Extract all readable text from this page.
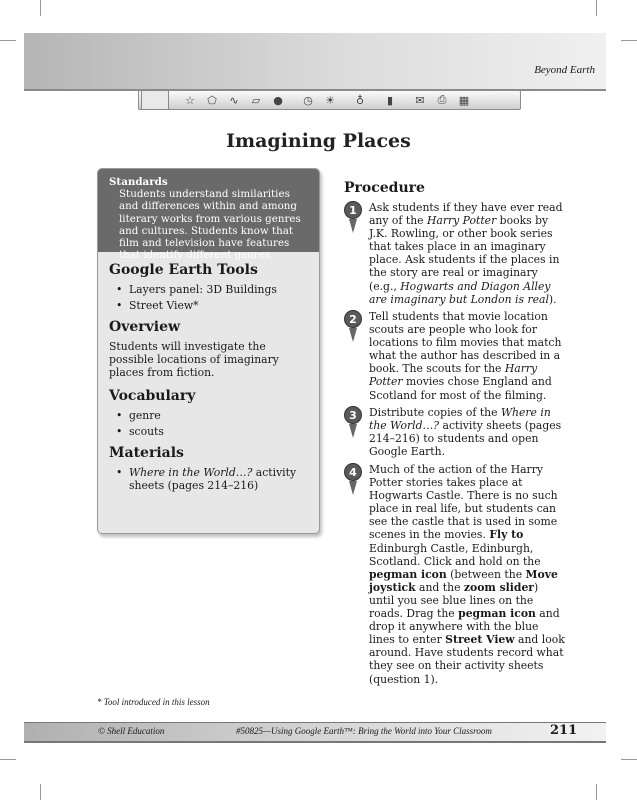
Beyond Earth
☆	⬠	∿	▱	●	◷	☀	♁	▮	✉	⎙	▦
Imagining Places
Standards
Students understand similarities and differences within and among literary works from various genres and cultures. Students know that film and television have features that identify different genres.
Google Earth Tools
• Layers panel: 3D Buildings
• Street View*
Overview

Students will investigate the possible locations of imaginary places from fiction.

Vocabulary
• genre
• scouts
Materials
• Where in the World…? activity sheets (pages 214–216)
Procedure
1	Ask students if they have ever read any of the Harry Potter books by J.K. Rowling, or other book series that takes place in an imaginary place. Ask students if the places in the story are real or imaginary (e.g., Hogwarts and Diagon Alley are imaginary but London is real).
2	Tell students that movie location scouts are people who look for locations to film movies that match what the author has described in a book. The scouts for the Harry Potter movies chose England and Scotland for most of the filming.
3	Distribute copies of the Where in the World…? activity sheets (pages 214–216) to students and open Google Earth.
4	Much of the action of the Harry Potter stories takes place at Hogwarts Castle. There is no such place in real life, but students can see the castle that is used in some scenes in the movies. Fly to Edinburgh Castle, Edinburgh, Scotland. Click and hold on the pegman icon (between the Move joystick and the zoom slider) until you see blue lines on the roads. Drag the pegman icon and drop it anywhere with the blue lines to enter Street View and look around. Have students record what they see on their activity sheets (question 1).
* Tool introduced in this lesson
© Shell Education	#50825—Using Google Earth™: Bring the World into Your Classroom	211
